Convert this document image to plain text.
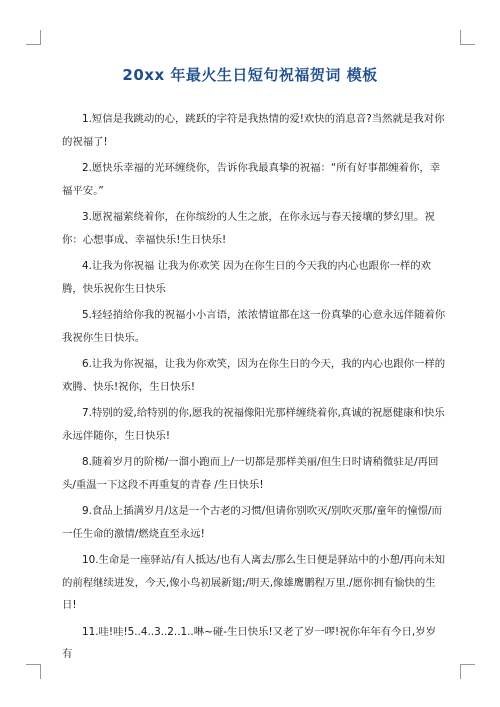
20xx 年最火生日短句祝福贺词 模板

1.短信是我跳动的心，跳跃的字符是我热情的爱!欢快的消息音?当然就是我对你的祝福了!

2.愿快乐幸福的光环缠绕你，告诉你我最真挚的祝福：“所有好事都缠着你，幸福平安。”

3.愿祝福萦绕着你，在你缤纷的人生之旅，在你永远与春天接壤的梦幻里。祝你：心想事成、幸福快乐!生日快乐!

4.让我为你祝福 让我为你欢笑 因为在你生日的今天我的内心也跟你一样的欢腾，快乐祝你生日快乐

5.轻轻捎给你我的祝福小小言语，浓浓情谊都在这一份真挚的心意永远伴随着你我祝你生日快乐。

6.让我为你祝福，让我为你欢笑，因为在你生日的今天，我的内心也跟你一样的欢腾、快乐!祝你，生日快乐!

7.特别的爱,给特别的你,愿我的祝福像阳光那样缠绕着你,真诚的祝愿健康和快乐永远伴随你，生日快乐!

8.随着岁月的阶梯/一溜小跑而上/一切都是那样美丽/但生日时请稍微驻足/再回头/重温一下这段不再重复的青春 /生日快乐!

9.食品上插满岁月/这是一个古老的习惯/但请你别吹灭/别吹灭那/童年的憧憬/而一任生命的激情/燃烧直至永远!

10.生命是一座驿站/有人抵达/也有人离去/那么生日便是驿站中的小憩/再向未知的前程继续进发，今天,像小鸟初展新翅;/明天,像雄鹰鹏程万里./愿你拥有愉快的生日!

11.哇!哇!5..4..3..2..1..啉~碰-生日快乐!又老了岁一啰!祝你年年有今日,岁岁有
